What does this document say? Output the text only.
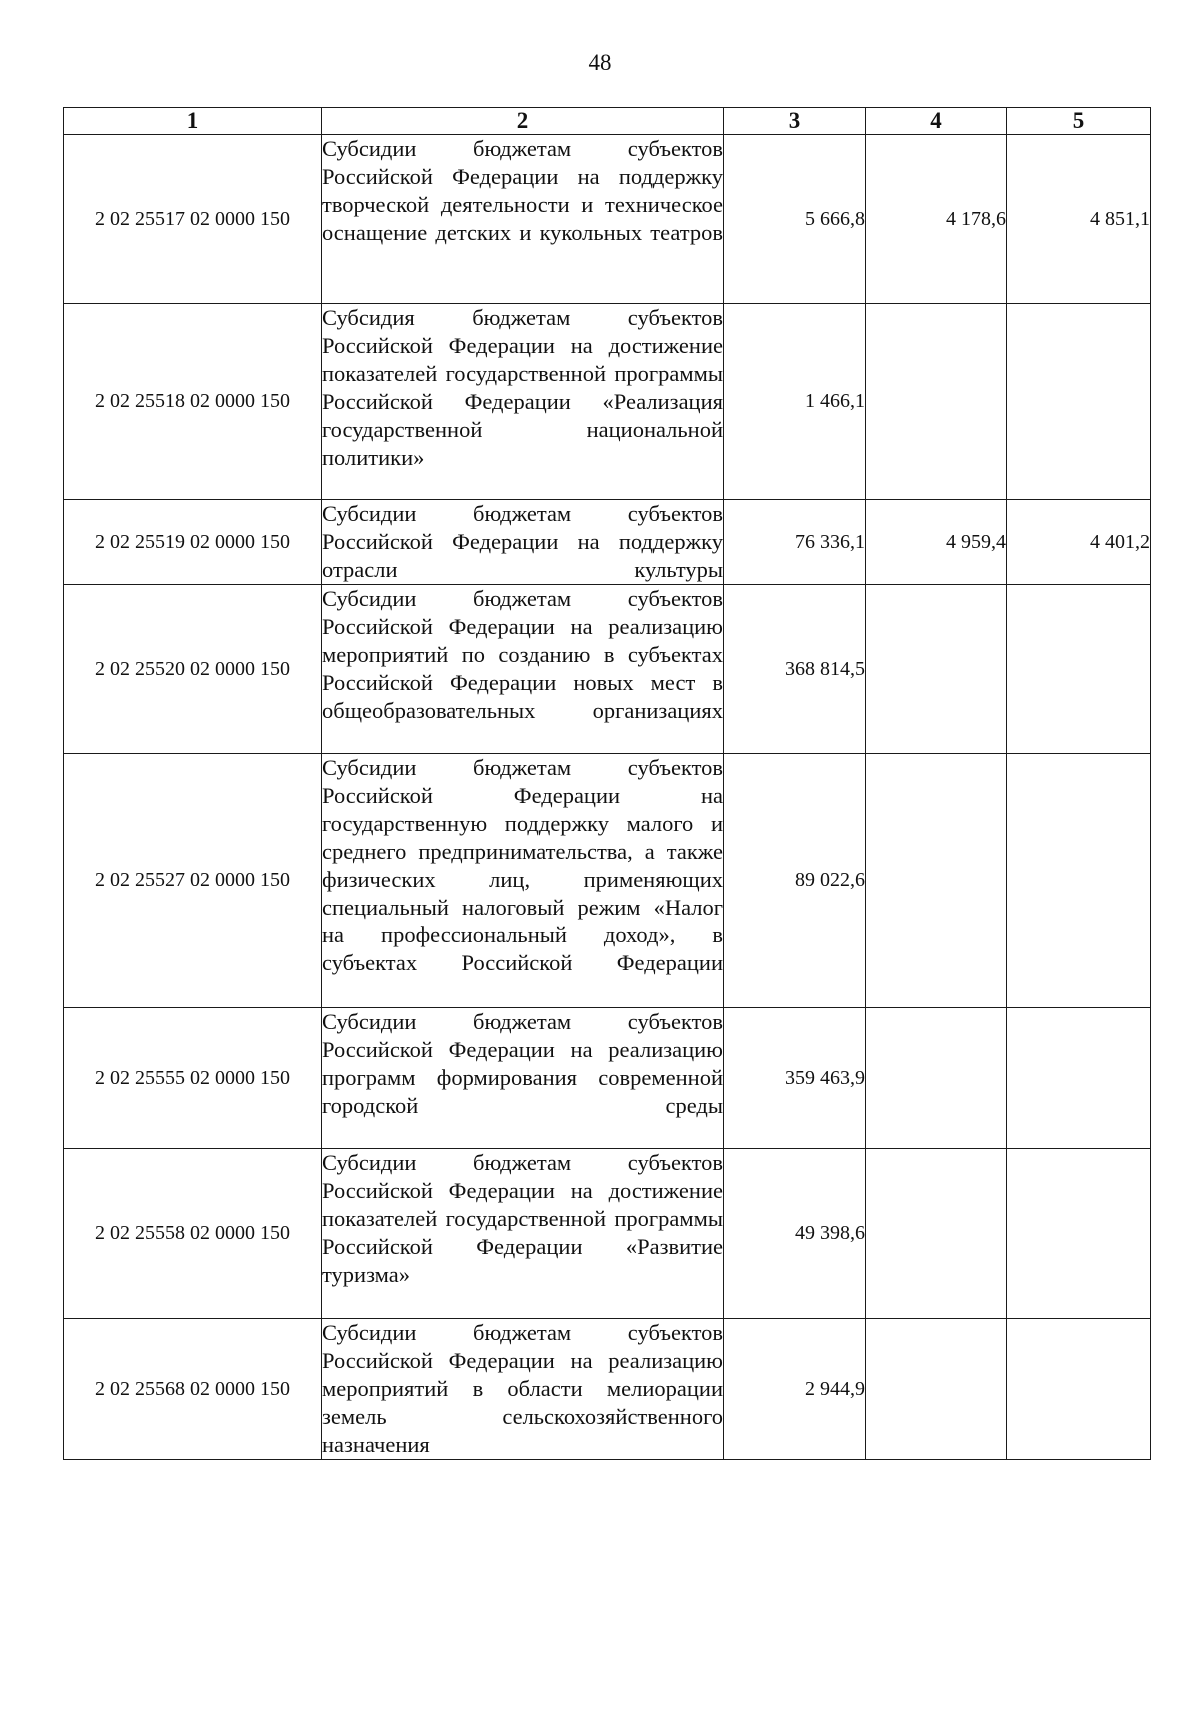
48
1	2	3	4	5
2 02 25517 02 0000 150	Субсидии бюджетам субъектов Российской Федерации на поддержку творческой деятельности и техническое оснащение детских и кукольных театров	5 666,8	4 178,6	4 851,1
2 02 25518 02 0000 150	Субсидия бюджетам субъектов Российской Федерации на достижение показателей государственной программы Российской Федерации «Реализация государственной национальной политики»	1 466,1		
2 02 25519 02 0000 150	Субсидии бюджетам субъектов Российской Федерации на поддержку отрасли культуры	76 336,1	4 959,4	4 401,2
2 02 25520 02 0000 150	Субсидии бюджетам субъектов Российской Федерации на реализацию мероприятий по созданию в субъектах Российской Федерации новых мест в общеобразовательных организациях	368 814,5		
2 02 25527 02 0000 150	Субсидии бюджетам субъектов Российской Федерации на государственную поддержку малого и среднего предпринимательства, а также физических лиц, применяющих специальный налоговый режим «Налог на профессиональный доход», в субъектах Российской Федерации	89 022,6		
2 02 25555 02 0000 150	Субсидии бюджетам субъектов Российской Федерации на реализацию программ формирования современной городской среды	359 463,9		
2 02 25558 02 0000 150	Субсидии бюджетам субъектов Российской Федерации на достижение показателей государственной программы Российской Федерации «Развитие туризма»	49 398,6		
2 02 25568 02 0000 150	Субсидии бюджетам субъектов Российской Федерации на реализацию мероприятий в области мелиорации земель сельскохозяйственного назначения	2 944,9		
